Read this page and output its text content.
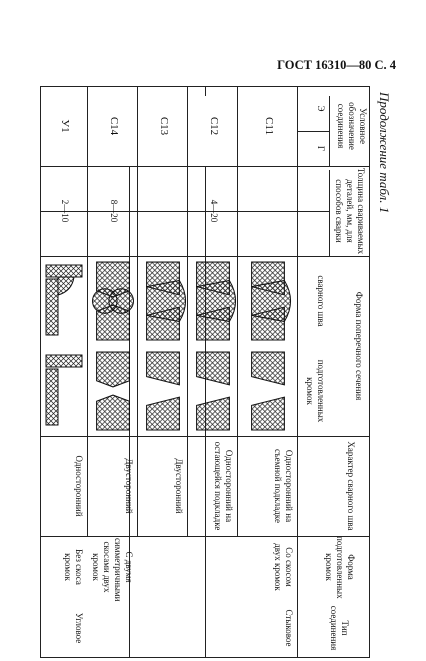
ГОСТ 16310—80 С. 4
Продолжение табл. 1
Условное обозначение соединения
Э
Г
Толщина свариваемых деталей, мм, для способов сварки
Форма поперечного сечения
сварного шва
подготовленных кромок
Характер сварного шва
Форма подготовленных кромок
Тип соединения
С11
Односторонний на съемной подкладке
Со скосом двух кромок
Стыковое
С12
4—20
Односторонний на остающейся подкладке
С13
Двусторонний
С14
8—20
Двусторонний
С двумя симметричными скосами двух кромок
У1
2—10
Односторонний
Без скоса кромок
Угловое
